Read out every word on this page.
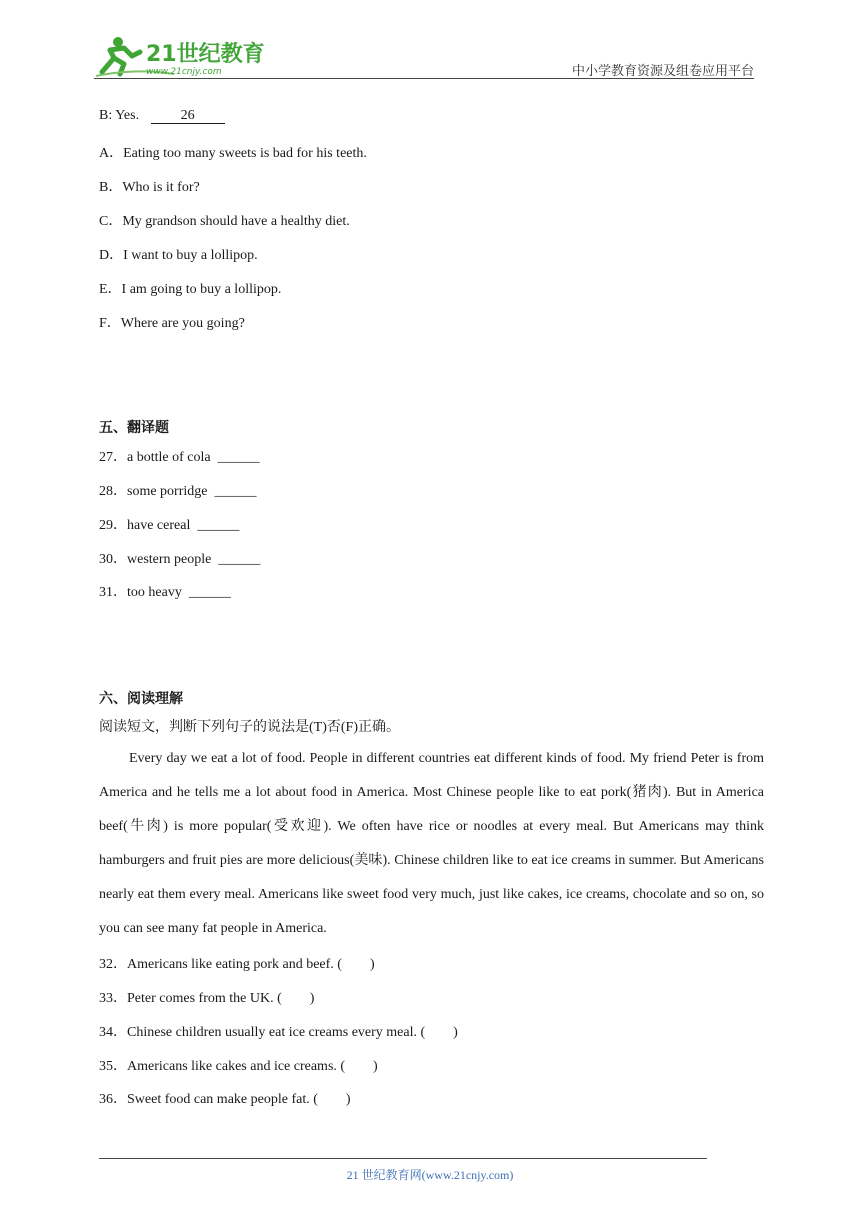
21世纪教育
www.21cnjy.com	中小学教育资源及组卷应用平台
B: Yes.	26
A．Eating too many sweets is bad for his teeth.
B．Who is it for?
C．My grandson should have a healthy diet.
D．I want to buy a lollipop.
E．I am going to buy a lollipop.
F．Where are you going?
五、翻译题
27．a bottle of cola ______
28．some porridge ______
29．have cereal ______
30．western people ______
31．too heavy ______
六、阅读理解
阅读短文，判断下列句子的说法是(T)否(F)正确。
Every day we eat a lot of food. People in different countries eat different kinds of food. My friend Peter is from America and he tells me a lot about food in America. Most Chinese people like to eat pork(猪肉). But in America beef(牛肉) is more popular(受欢迎). We often have rice or noodles at every meal. But Americans may think hamburgers and fruit pies are more delicious(美味). Chinese children like to eat ice creams in summer. But Americans nearly eat them every meal. Americans like sweet food very much, just like cakes, ice creams, chocolate and so on, so you can see many fat people in America.
32．Americans like eating pork and beef. (　　)
33．Peter comes from the UK. (　　)
34．Chinese children usually eat ice creams every meal. (　　)
35．Americans like cakes and ice creams. (　　)
36．Sweet food can make people fat. (　　)
21 世纪教育网(www.21cnjy.com)
